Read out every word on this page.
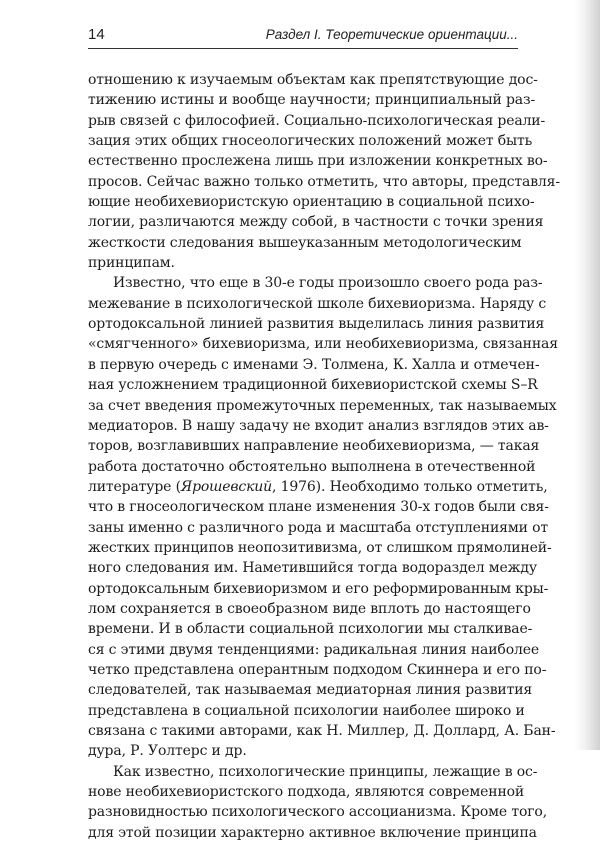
14	Раздел I. Теоретические ориентации...
отношению к изучаемым объектам как препятствующие дос-
тижению истины и вообще научности; принципиальный раз-
рыв связей с философией. Социально-психологическая реали-
зация этих общих гносеологических положений может быть
естественно прослежена лишь при изложении конкретных во-
просов. Сейчас важно только отметить, что авторы, представля-
ющие необихевиористскую ориентацию в социальной психо-
логии, различаются между собой, в частности с точки зрения
жесткости следования вышеуказанным методологическим
принципам.
Известно, что еще в 30-е годы произошло своего рода раз-
межевание в психологической школе бихевиоризма. Наряду с
ортодоксальной линией развития выделилась линия развития
«смягченного» бихевиоризма, или необихевиоризма, связанная
в первую очередь с именами Э. Толмена, К. Халла и отмечен-
ная усложнением традиционной бихевиористской схемы S–R
за счет введения промежуточных переменных, так называемых
медиаторов. В нашу задачу не входит анализ взглядов этих ав-
торов, возглавивших направление необихевиоризма, — такая
работа достаточно обстоятельно выполнена в отечественной
литературе (Ярошевский, 1976). Необходимо только отметить,
что в гносеологическом плане изменения 30-х годов были свя-
заны именно с различного рода и масштаба отступлениями от
жестких принципов неопозитивизма, от слишком прямолиней-
ного следования им. Наметившийся тогда водораздел между
ортодоксальным бихевиоризмом и его реформированным кры-
лом сохраняется в своеобразном виде вплоть до настоящего
времени. И в области социальной психологии мы сталкивае-
ся с этими двумя тенденциями: радикальная линия наиболее
четко представлена оперантным подходом Скиннера и его по-
следователей, так называемая медиаторная линия развития
представлена в социальной психологии наиболее широко и
связана с такими авторами, как Н. Миллер, Д. Доллард, А. Бан-
дура, Р. Уолтерс и др.
Как известно, психологические принципы, лежащие в ос-
нове необихевиористского подхода, являются современной
разновидностью психологического ассоцианизма. Кроме того,
для этой позиции характерно активное включение принципа
